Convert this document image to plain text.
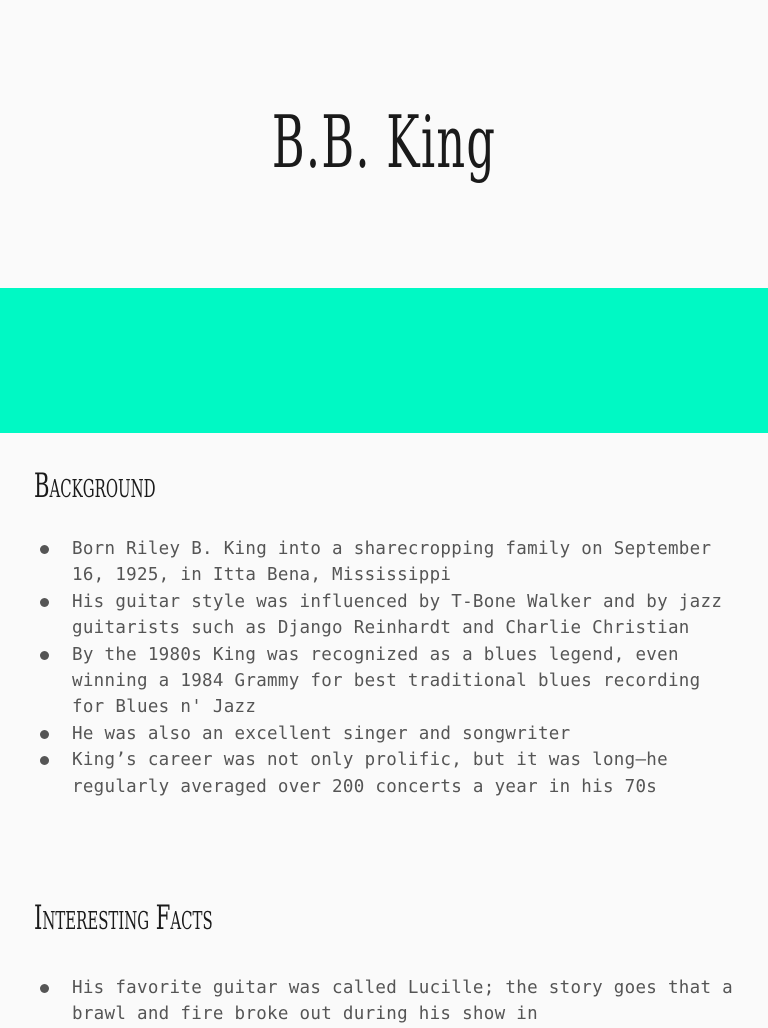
B.B. King
Background
Born Riley B. King into a sharecropping family on September 16, 1925, in Itta Bena, Mississippi
His guitar style was influenced by T-Bone Walker and by jazz guitarists such as Django Reinhardt and Charlie Christian
By the 1980s King was recognized as a blues legend, even winning a 1984 Grammy for best traditional blues recording for Blues n' Jazz
He was also an excellent singer and songwriter
King’s career was not only prolific, but it was long—he regularly averaged over 200 concerts a year in his 70s
Interesting Facts
His favorite guitar was called Lucille; the story goes that a brawl and fire broke out during his show in
